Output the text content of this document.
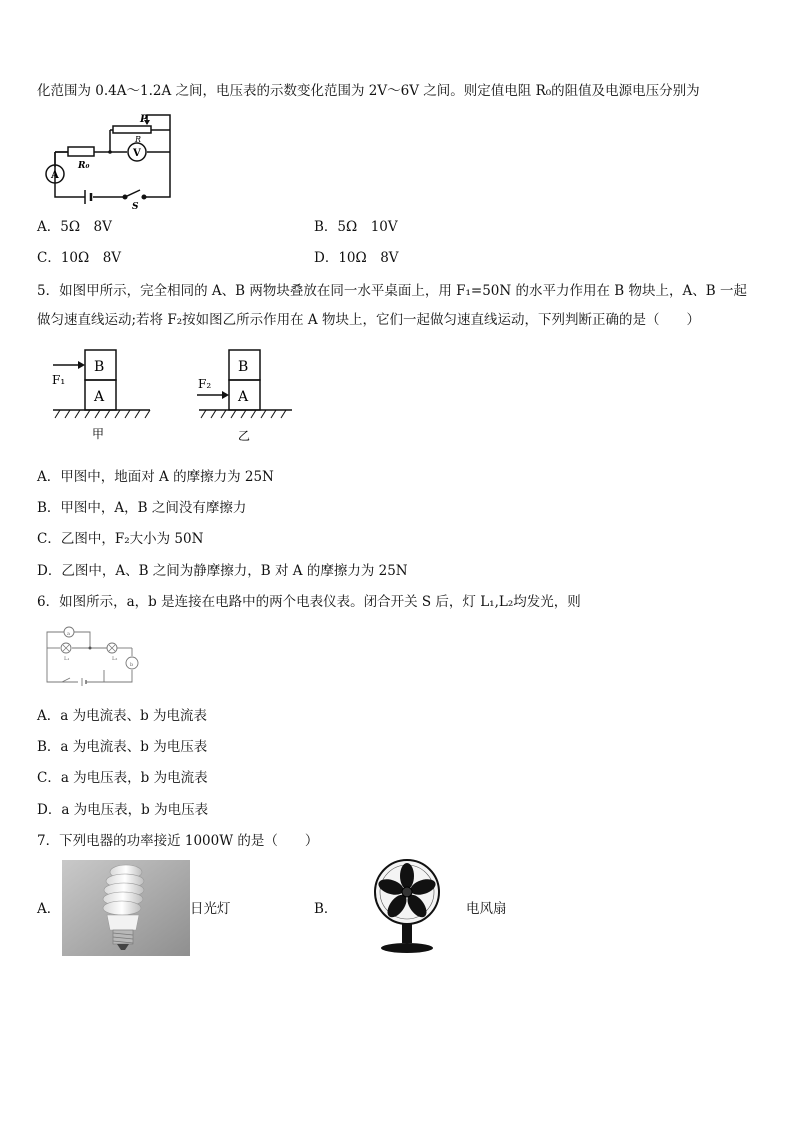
化范围为 0.4A～1.2A 之间，电压表的示数变化范围为 2V～6V 之间。则定值电阻 R₀的阻值及电源电压分别为
P
R
V
A
R₀
S
A．5Ω　8V	B．5Ω　10V
C．10Ω　8V	D．10Ω　8V
5．如图甲所示，完全相同的 A、B 两物块叠放在同一水平桌面上，用 F₁=50N 的水平力作用在 B 物块上，A、B 一起
做匀速直线运动;若将 F₂按如图乙所示作用在 A 物块上，它们一起做匀速直线运动，下列判断正确的是（　　）
B
A
F₁
甲
B
A
F₂
乙
A．甲图中，地面对 A 的摩擦力为 25N
B．甲图中，A，B 之间没有摩擦力
C．乙图中，F₂大小为 50N
D．乙图中，A、B 之间为静摩擦力，B 对 A 的摩擦力为 25N
6．如图所示，a，b 是连接在电路中的两个电表仪表。闭合开关 S 后，灯 L₁,L₂均发光，则
a
b
L₁	L₂
A．a 为电流表、b 为电流表
B．a 为电流表、b 为电压表
C．a 为电压表，b 为电流表
D．a 为电压表，b 为电压表
7．下列电器的功率接近 1000W 的是（　　）
A．	日光灯	B．	电风扇
